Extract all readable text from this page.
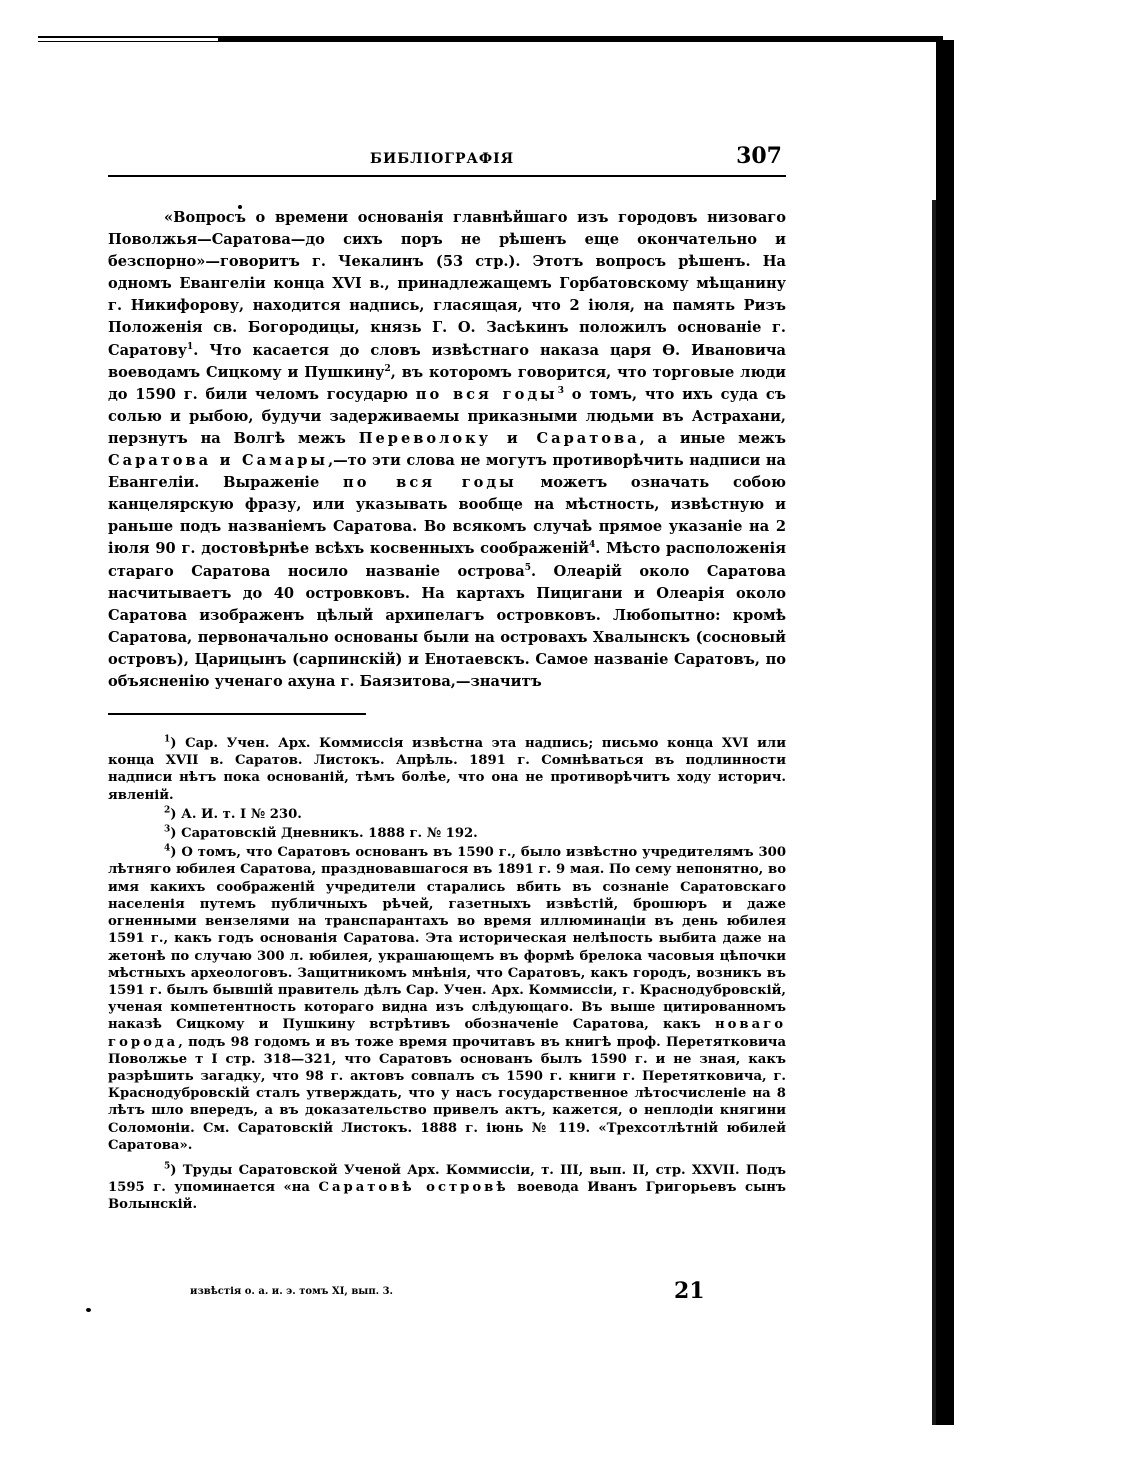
БИБЛІОГРАФІЯ	307

«Вопросъ о времени основанія главнѣйшаго изъ городовъ низоваго Поволжья—Саратова—до сихъ поръ не рѣшенъ еще окончательно и безспорно»—говоритъ г. Чекалинъ (53 стр.). Этотъ вопросъ рѣшенъ. На одномъ Евангеліи конца XVI в., принадлежащемъ Горбатовскому мѣщанину г. Никифорову, находится надпись, гласящая, что 2 іюля, на память Ризъ Положенія св. Богородицы, князь Г. О. Засѣкинъ положилъ основаніе г. Саратову$^1$. Что касается до словъ извѣстнаго наказа царя Ѳ. Ивановича воеводамъ Сицкому и Пушкину$^2$, въ которомъ говорится, что торговые люди до 1590 г. били челомъ государю по вся годы$^3$ о томъ, что ихъ суда съ солью и рыбою, будучи задерживаемы приказными людьми въ Астрахани, перзнутъ на Волгѣ межъ Переволоку и Саратова, а иные межъ Саратова и Самары,—то эти слова не могутъ противорѣчить надписи на Евангеліи. Выраженіе по вся годы можетъ означать собою канцелярскую фразу, или указывать вообще на мѣстность, извѣстную и раньше подъ названіемъ Саратова. Во всякомъ случаѣ прямое указаніе на 2 іюля 90 г. достовѣрнѣе всѣхъ косвенныхъ соображеній$^4$. Мѣсто расположенія стараго Саратова носило названіе острова$^5$. Олеарій около Саратова насчитываетъ до 40 островковъ. На картахъ Пицигани и Олеарія около Саратова изображенъ цѣлый архипелагъ островковъ. Любопытно: кромѣ Саратова, первоначально основаны были на островахъ Хвалынскъ (сосновый островъ), Царицынъ (сарпинскій) и Енотаевскъ. Самое названіе Саратовъ, по объясненію ученаго ахуна г. Баязитова,—значитъ

$^1$) Сар. Учен. Арх. Коммиссія извѣстна эта надпись; письмо конца XVI или конца XVII в. Саратов. Листокъ. Апрѣль. 1891 г. Сомнѣваться въ подлинности надписи нѣтъ пока основаній, тѣмъ болѣе, что она не противорѣчитъ ходу историч. явленій.

$^2$) А. И. т. I № 230.

$^3$) Саратовскій Дневникъ. 1888 г. № 192.

$^4$) О томъ, что Саратовъ основанъ въ 1590 г., было извѣстно учредителямъ 300 лѣтняго юбилея Саратова, праздновавшагося въ 1891 г. 9 мая. По сему непонятно, во имя какихъ соображеній учредители старались вбить въ сознаніе Саратовскаго населенія путемъ публичныхъ рѣчей, газетныхъ извѣстій, брошюръ и даже огненными вензелями на транспарантахъ во время иллюминаціи въ день юбилея 1591 г., какъ годъ основанія Саратова. Эта историческая нелѣпость выбита даже на жетонѣ по случаю 300 л. юбилея, украшающемъ въ формѣ брелока часовыя цѣпочки мѣстныхъ археологовъ. Защитникомъ мнѣнія, что Саратовъ, какъ городъ, возникъ въ 1591 г. былъ бывшій правитель дѣлъ Сар. Учен. Арх. Коммиссіи, г. Краснодубровскій, ученая компетентность котораго видна изъ слѣдующаго. Въ выше цитированномъ наказѣ Сицкому и Пушкину встрѣтивъ обозначеніе Саратова, какъ новаго города, подъ 98 годомъ и въ тоже время прочитавъ въ книгѣ проф. Перетятковича Поволжье т I стр. 318—321, что Саратовъ основанъ былъ 1590 г. и не зная, какъ разрѣшить загадку, что 98 г. актовъ совпалъ съ 1590 г. книги г. Перетятковича, г. Краснодубровскій сталъ утверждать, что у насъ государственное лѣтосчисленіе на 8 лѣтъ шло впередъ, а въ доказательство привелъ актъ, кажется, о неплодіи княгини Соломоніи. См. Саратовскій Листокъ. 1888 г. іюнь № 119. «Трехсотлѣтній юбилей Саратова».

$^5$) Труды Саратовской Ученой Арх. Коммиссіи, т. III, вып. II, стр. XXVII. Подъ 1595 г. упоминается «на Саратовѣ островѣ воевода Иванъ Григорьевъ сынъ Волынскій.

извѣстія о. а. и. э. томъ XI, вып. 3.	21
